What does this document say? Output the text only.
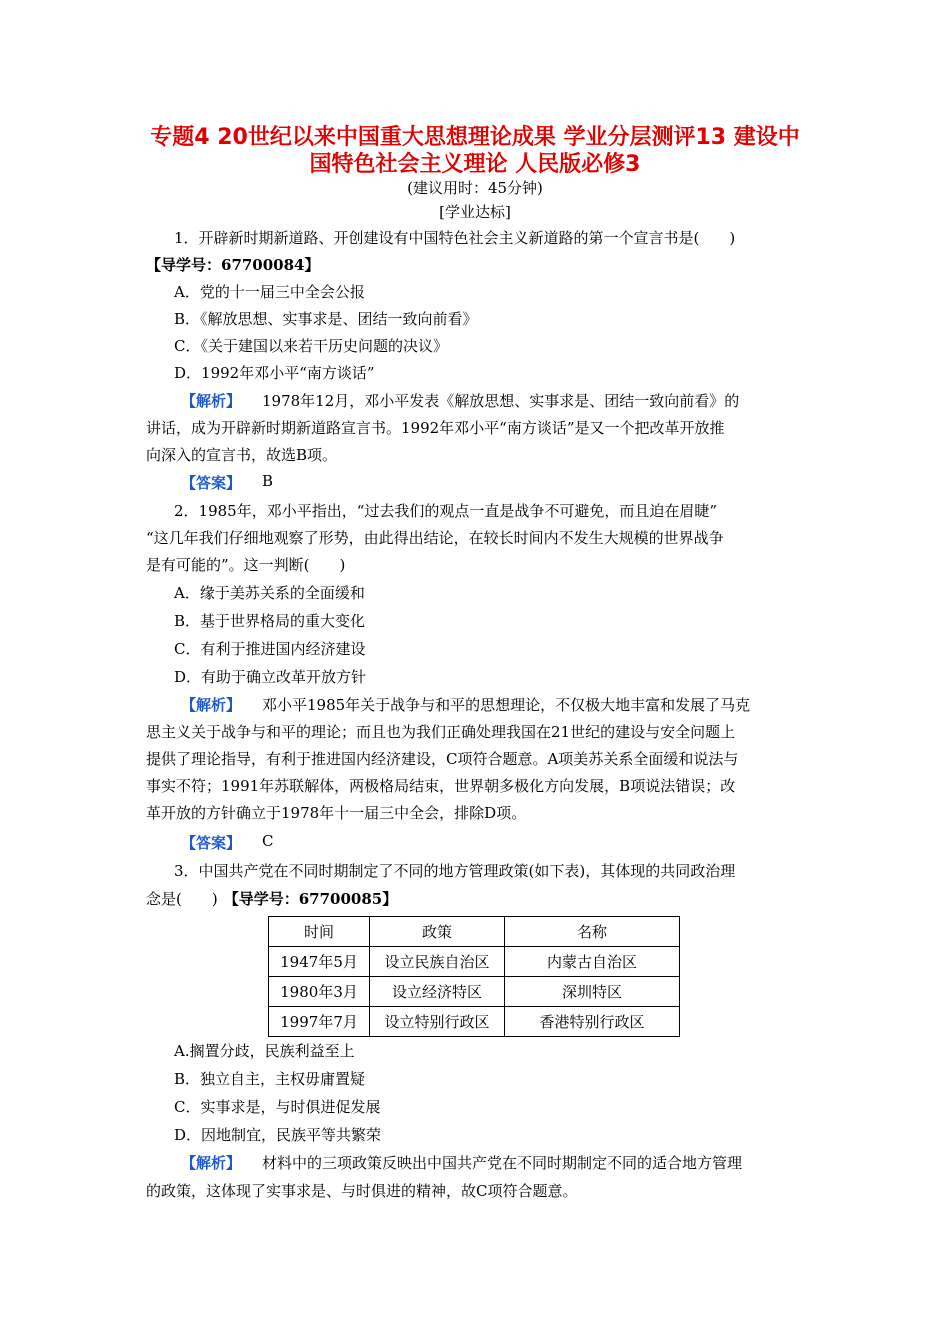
专题4 20世纪以来中国重大思想理论成果 学业分层测评13 建设中国特色社会主义理论 人民版必修3
(建议用时：45分钟)
[学业达标]
1．开辟新时期新道路、开创建设有中国特色社会主义新道路的第一个宣言书是(　　)
【导学号：67700084】
A．党的十一届三中全会公报
B．《解放思想、实事求是、团结一致向前看》
C．《关于建国以来若干历史问题的决议》
D．1992年邓小平“南方谈话”
【解析】 1978年12月，邓小平发表《解放思想、实事求是、团结一致向前看》的
讲话，成为开辟新时期新道路宣言书。1992年邓小平“南方谈话”是又一个把改革开放推
向深入的宣言书，故选B项。
【答案】 B
2．1985年，邓小平指出，“过去我们的观点一直是战争不可避免，而且迫在眉睫”
“这几年我们仔细地观察了形势，由此得出结论，在较长时间内不发生大规模的世界战争
是有可能的”。这一判断(　　)
A．缘于美苏关系的全面缓和
B．基于世界格局的重大变化
C．有利于推进国内经济建设
D．有助于确立改革开放方针
【解析】 邓小平1985年关于战争与和平的思想理论，不仅极大地丰富和发展了马克
思主义关于战争与和平的理论；而且也为我们正确处理我国在21世纪的建设与安全问题上
提供了理论指导，有利于推进国内经济建设，C项符合题意。A项美苏关系全面缓和说法与
事实不符；1991年苏联解体，两极格局结束，世界朝多极化方向发展，B项说法错误；改
革开放的方针确立于1978年十一届三中全会，排除D项。
【答案】 C
3．中国共产党在不同时期制定了不同的地方管理政策(如下表)，其体现的共同政治理
念是(　　) 【导学号：67700085】
时间	政策	名称
1947年5月	设立民族自治区	内蒙古自治区
1980年3月	设立经济特区	深圳特区
1997年7月	设立特别行政区	香港特别行政区
A.搁置分歧，民族利益至上
B．独立自主，主权毋庸置疑
C．实事求是，与时俱进促发展
D．因地制宜，民族平等共繁荣
【解析】 材料中的三项政策反映出中国共产党在不同时期制定不同的适合地方管理
的政策，这体现了实事求是、与时俱进的精神，故C项符合题意。
